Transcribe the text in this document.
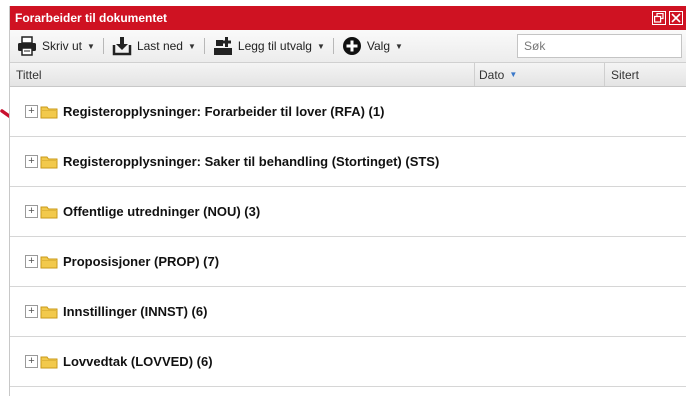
Forarbeider til dokumentet
Skriv ut ▼	Last ned ▼	Legg til utvalg ▼	Valg ▼
Søk
Tittel	Dato ▼	Sitert
+ Registeropplysninger: Forarbeider til lover (RFA) (1)
+ Registeropplysninger: Saker til behandling (Stortinget) (STS)
+ Offentlige utredninger (NOU) (3)
+ Proposisjoner (PROP) (7)
+ Innstillinger (INNST) (6)
+ Lovvedtak (LOVVED) (6)
